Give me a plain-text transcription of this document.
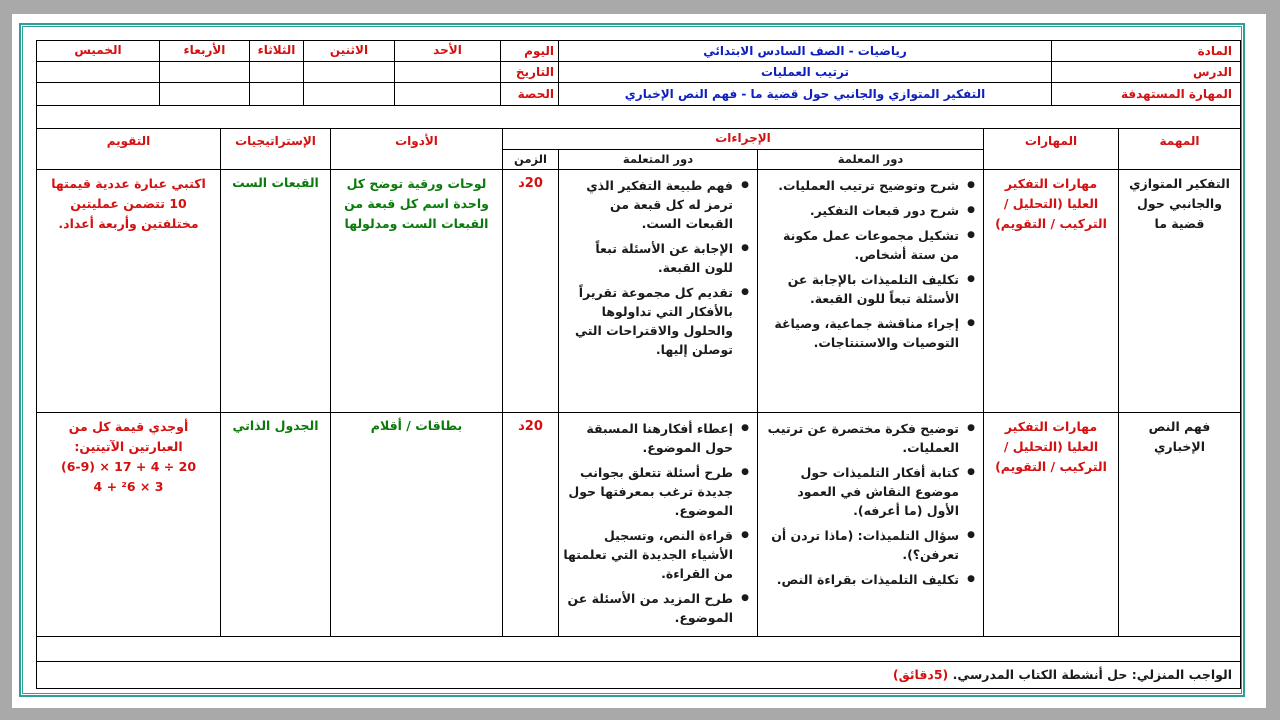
المادة
رياضيات - الصف السادس الابتدائي
الدرس
ترتيب العمليات
المهارة المستهدفة
التفكير المتوازي والجانبي حول قضية ما - فهم النص الإخباري
اليوم
التاريخ
الحصة
الأحد
الاثنين
الثلاثاء
الأربعاء
الخميس
المهمة
المهارات
الإجراءات
دور المعلمة
دور المتعلمة
الزمن
الأدوات
الإستراتيجيات
التقويم
التفكير المتوازي والجانبي حول قضية ما
مهارات التفكير العليا (التحليل / التركيب / التقويم)
● شرح وتوضيح ترتيب العمليات.
● شرح دور قبعات التفكير.
● تشكيل مجموعات عمل مكونة من ستة أشخاص.
● تكليف التلميذات بالإجابة عن الأسئلة تبعاً للون القبعة.
● إجراء مناقشة جماعية، وصياغة التوصيات والاستنتاجات.
● فهم طبيعة التفكير الذي ترمز له كل قبعة من القبعات الست.
● الإجابة عن الأسئلة تبعاً للون القبعة.
● تقديم كل مجموعة تقريراً بالأفكار التي تداولوها والحلول والاقتراحات التي توصلن إليها.
20د
لوحات ورقية توضح كل واحدة اسم كل قبعة من القبعات الست ومدلولها
القبعات الست
اكتبي عبارة عددية قيمتها 10 تتضمن عمليتين مختلفتين وأربعة أعداد.
فهم النص الإخباري
مهارات التفكير العليا (التحليل / التركيب / التقويم)
● توضيح فكرة مختصرة عن ترتيب العمليات.
● كتابة أفكار التلميذات حول موضوع النقاش في العمود الأول (ما أعرفه).
● سؤال التلميذات: (ماذا تردن أن تعرفن؟).
● تكليف التلميذات بقراءة النص.
● إعطاء أفكارهنا المسبقة حول الموضوع.
● طرح أسئلة تتعلق بجوانب جديدة ترغب بمعرفتها حول الموضوع.
● قراءة النص، وتسجيل الأشياء الجديدة التي تعلمتها من القراءة.
● طرح المزيد من الأسئلة عن الموضوع.
20د
بطاقات / أقلام
الجدول الذاتي
أوجدي قيمة كل من العبارتين الآتيتين:
(6-9) × 17 + 4 ÷ 20
4 + ²6 × 3
الواجب المنزلي: حل أنشطة الكتاب المدرسي. (5دقائق)
